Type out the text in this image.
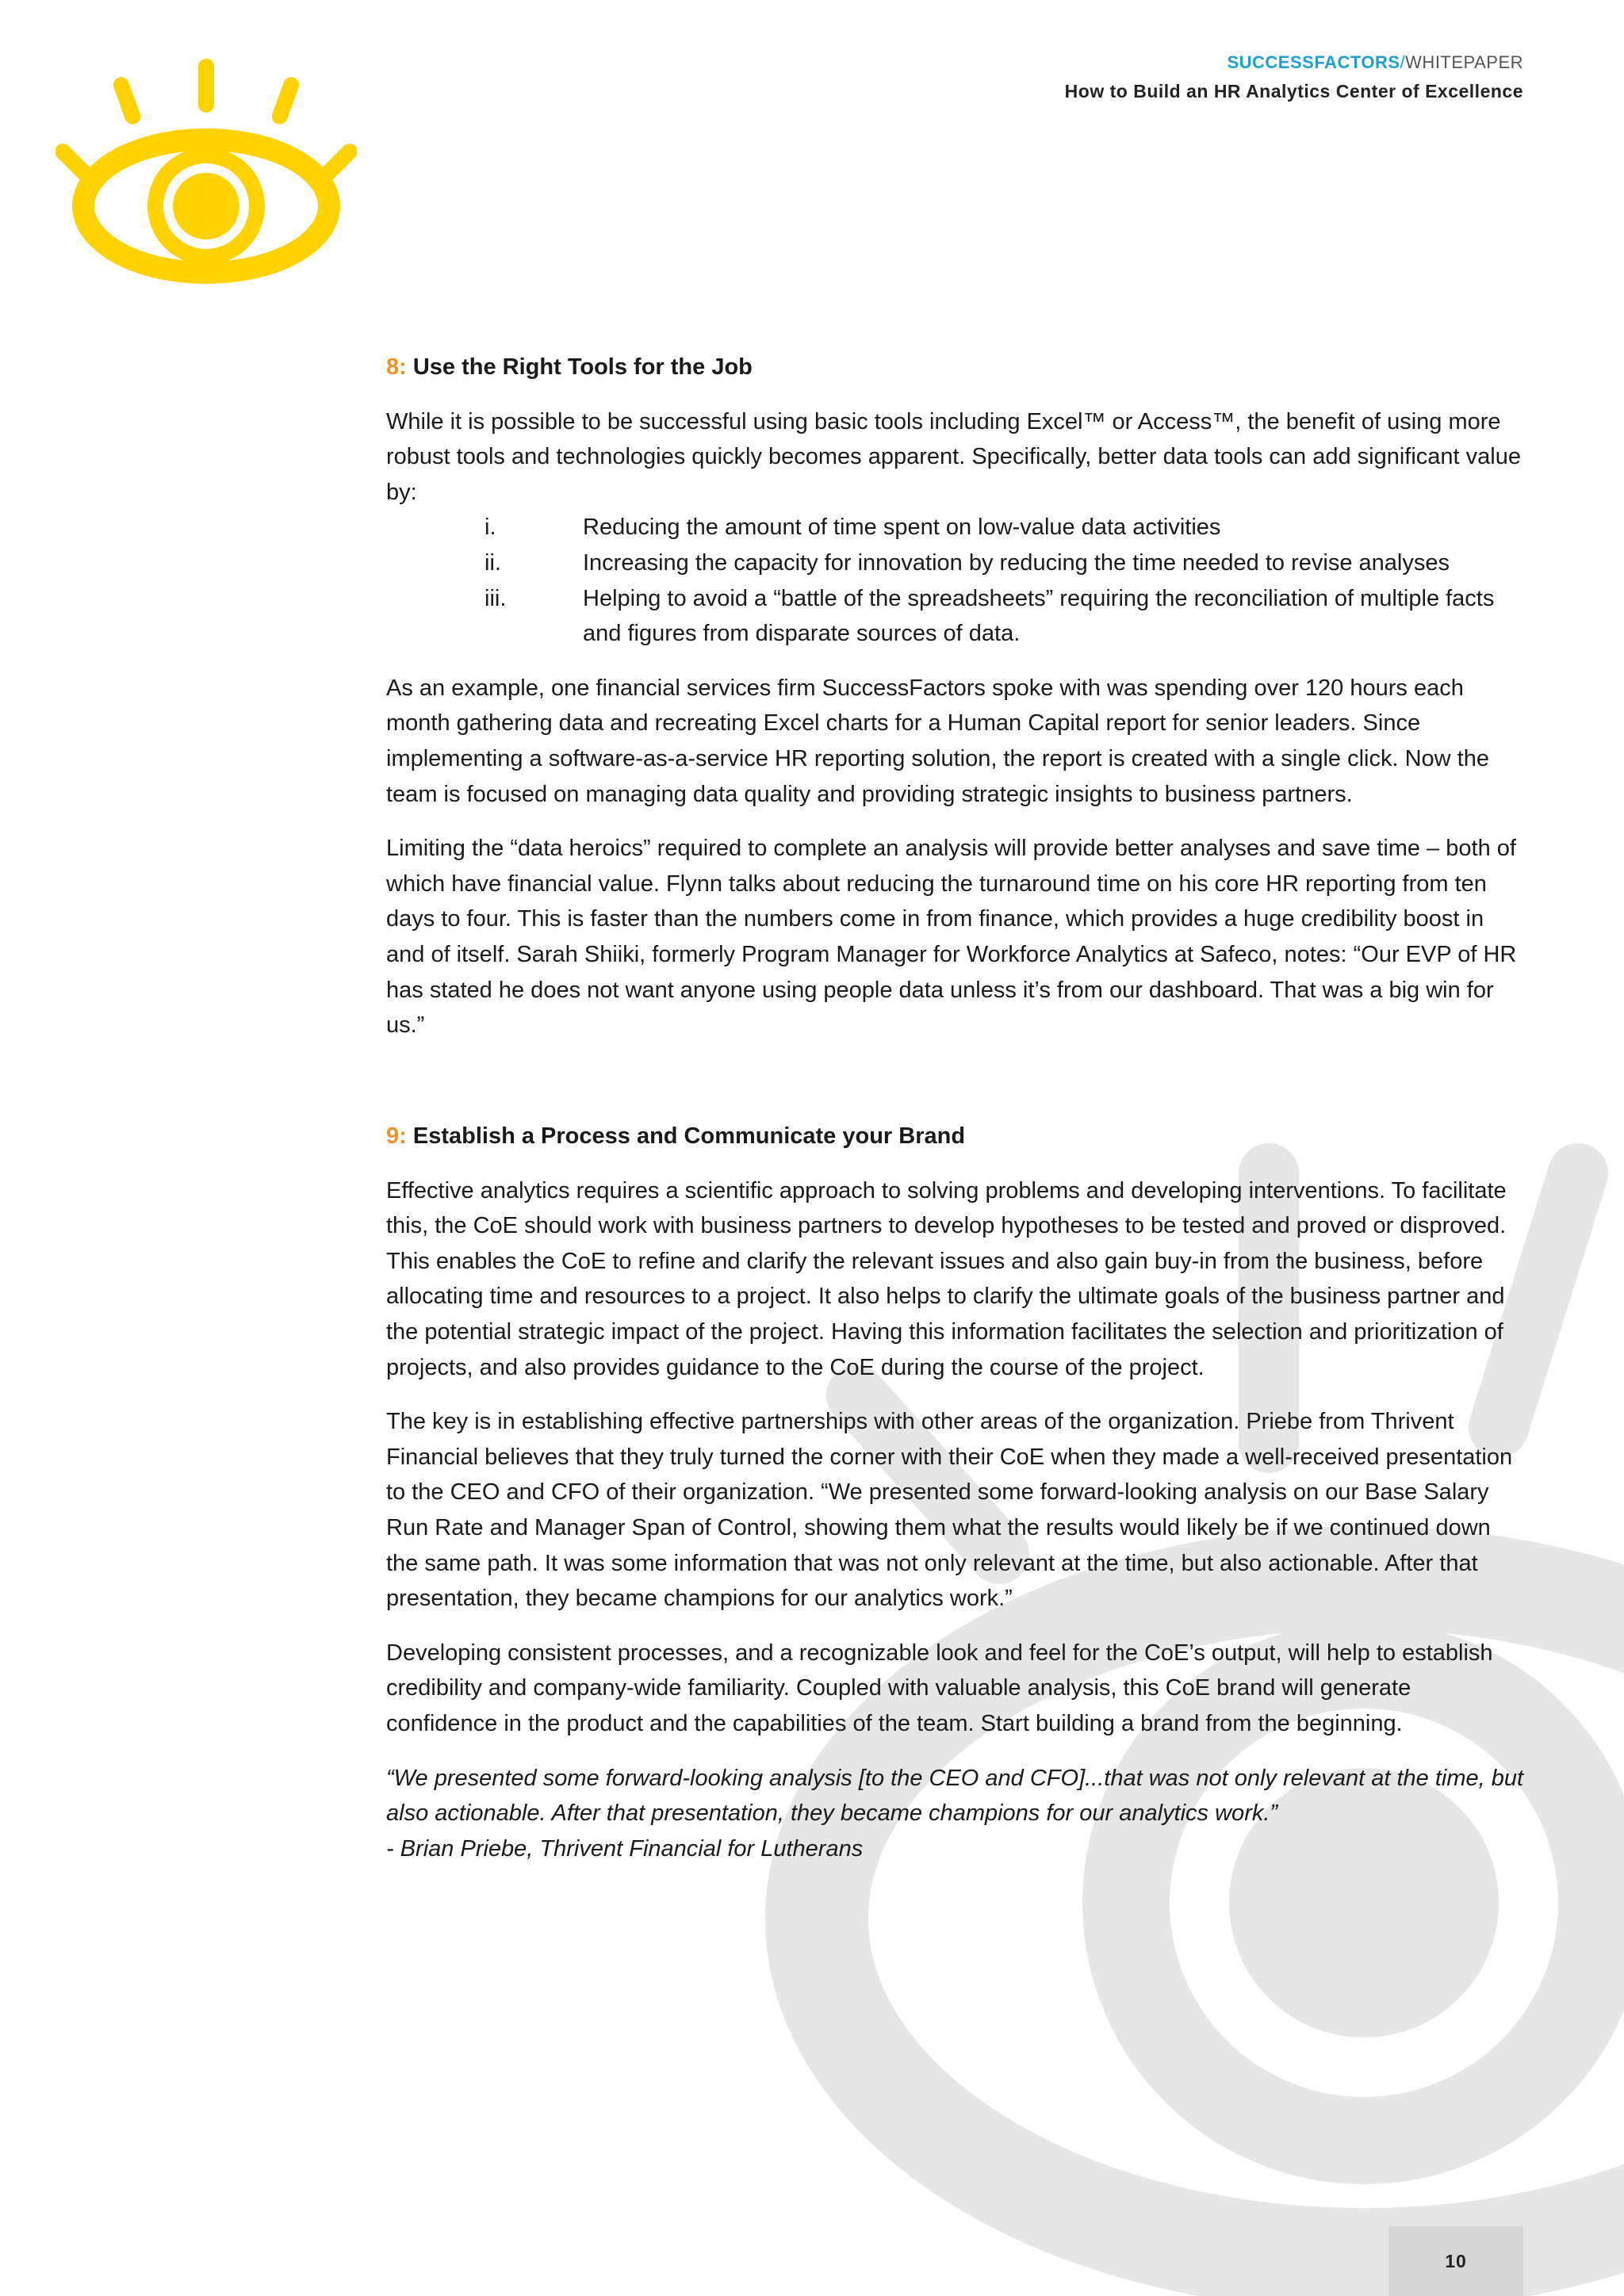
SUCCESSFACTORS/WHITEPAPER
How to Build an HR Analytics Center of Excellence
8: Use the Right Tools for the Job

While it is possible to be successful using basic tools including Excel™ or Access™, the benefit of using more robust tools and technologies quickly becomes apparent. Specifically, better data tools can add significant value by:

i.	Reducing the amount of time spent on low-value data activities
ii.	Increasing the capacity for innovation by reducing the time needed to revise analyses
iii.	Helping to avoid a “battle of the spreadsheets” requiring the reconciliation of multiple facts and figures from disparate sources of data.

As an example, one financial services firm SuccessFactors spoke with was spending over 120 hours each month gathering data and recreating Excel charts for a Human Capital report for senior leaders. Since implementing a software-as-a-service HR reporting solution, the report is created with a single click. Now the team is focused on managing data quality and providing strategic insights to business partners.

Limiting the “data heroics” required to complete an analysis will provide better analyses and save time – both of which have financial value. Flynn talks about reducing the turnaround time on his core HR reporting from ten days to four. This is faster than the numbers come in from finance, which provides a huge credibility boost in and of itself. Sarah Shiiki, formerly Program Manager for Workforce Analytics at Safeco, notes: “Our EVP of HR has stated he does not want anyone using people data unless it’s from our dashboard. That was a big win for us.”

9: Establish a Process and Communicate your Brand

Effective analytics requires a scientific approach to solving problems and developing interventions. To facilitate this, the CoE should work with business partners to develop hypotheses to be tested and proved or disproved. This enables the CoE to refine and clarify the relevant issues and also gain buy-in from the business, before allocating time and resources to a project. It also helps to clarify the ultimate goals of the business partner and the potential strategic impact of the project. Having this information facilitates the selection and prioritization of projects, and also provides guidance to the CoE during the course of the project.

The key is in establishing effective partnerships with other areas of the organization. Priebe from Thrivent Financial believes that they truly turned the corner with their CoE when they made a well-received presentation to the CEO and CFO of their organization. “We presented some forward-looking analysis on our Base Salary Run Rate and Manager Span of Control, showing them what the results would likely be if we continued down the same path. It was some information that was not only relevant at the time, but also actionable. After that presentation, they became champions for our analytics work.”

Developing consistent processes, and a recognizable look and feel for the CoE’s output, will help to establish credibility and company-wide familiarity. Coupled with valuable analysis, this CoE brand will generate confidence in the product and the capabilities of the team. Start building a brand from the beginning.

“We presented some forward-looking analysis [to the CEO and CFO]...that was not only relevant at the time, but also actionable. After that presentation, they became champions for our analytics work.”
- Brian Priebe, Thrivent Financial for Lutherans

10
